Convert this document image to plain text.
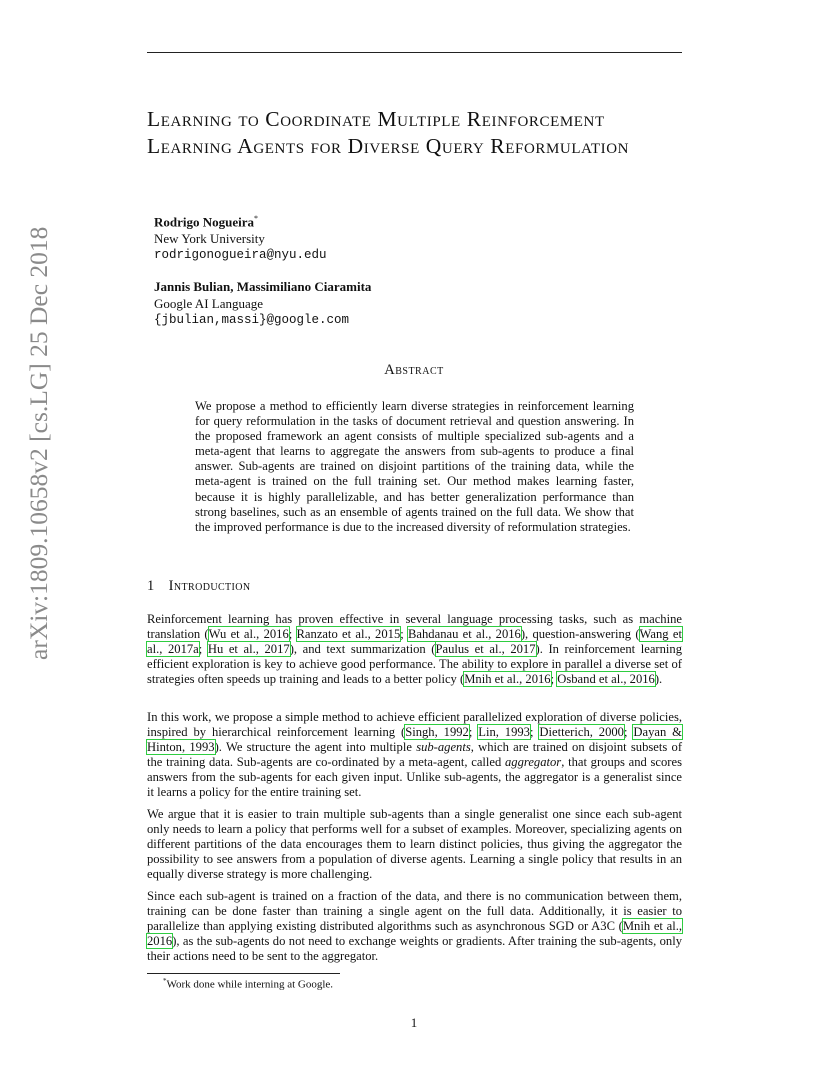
arXiv:1809.10658v2 [cs.LG] 25 Dec 2018
Learning to Coordinate Multiple Reinforcement Learning Agents for Diverse Query Reformulation
Rodrigo Nogueira*
New York University
rodrigonogueira@nyu.edu
Jannis Bulian, Massimiliano Ciaramita
Google AI Language
{jbulian,massi}@google.com
Abstract
We propose a method to efficiently learn diverse strategies in reinforcement learning for query reformulation in the tasks of document retrieval and question answering. In the proposed framework an agent consists of multiple specialized sub-agents and a meta-agent that learns to aggregate the answers from sub-agents to produce a final answer. Sub-agents are trained on disjoint partitions of the training data, while the meta-agent is trained on the full training set. Our method makes learning faster, because it is highly parallelizable, and has better generalization performance than strong baselines, such as an ensemble of agents trained on the full data. We show that the improved performance is due to the increased diversity of reformulation strategies.
1 Introduction
Reinforcement learning has proven effective in several language processing tasks, such as machine translation (Wu et al., 2016; Ranzato et al., 2015; Bahdanau et al., 2016), question-answering (Wang et al., 2017a; Hu et al., 2017), and text summarization (Paulus et al., 2017). In reinforcement learning efficient exploration is key to achieve good performance. The ability to explore in parallel a diverse set of strategies often speeds up training and leads to a better policy (Mnih et al., 2016; Osband et al., 2016).
In this work, we propose a simple method to achieve efficient parallelized exploration of diverse policies, inspired by hierarchical reinforcement learning (Singh, 1992; Lin, 1993; Dietterich, 2000; Dayan & Hinton, 1993). We structure the agent into multiple sub-agents, which are trained on disjoint subsets of the training data. Sub-agents are co-ordinated by a meta-agent, called aggregator, that groups and scores answers from the sub-agents for each given input. Unlike sub-agents, the aggregator is a generalist since it learns a policy for the entire training set.
We argue that it is easier to train multiple sub-agents than a single generalist one since each sub-agent only needs to learn a policy that performs well for a subset of examples. Moreover, specializing agents on different partitions of the data encourages them to learn distinct policies, thus giving the aggregator the possibility to see answers from a population of diverse agents. Learning a single policy that results in an equally diverse strategy is more challenging.
Since each sub-agent is trained on a fraction of the data, and there is no communication between them, training can be done faster than training a single agent on the full data. Additionally, it is easier to parallelize than applying existing distributed algorithms such as asynchronous SGD or A3C (Mnih et al., 2016), as the sub-agents do not need to exchange weights or gradients. After training the sub-agents, only their actions need to be sent to the aggregator.
*Work done while interning at Google.
1
